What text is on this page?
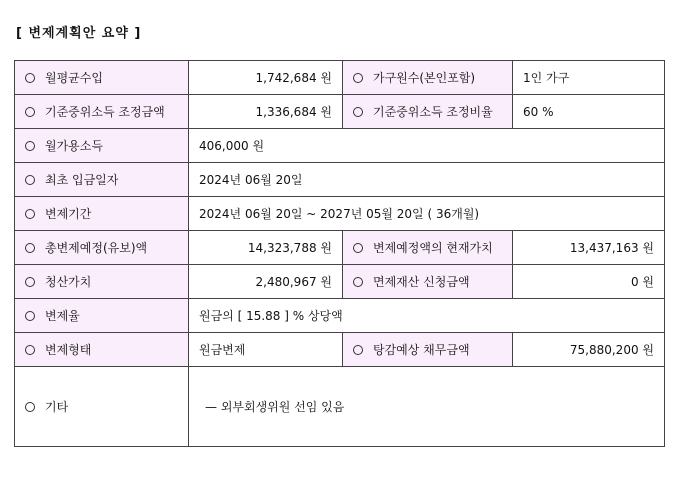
[ 변제계획안 요약 ]
월평균수입	1,742,684 원	가구원수(본인포함)	1인 가구
기준중위소득 조정금액	1,336,684 원	기준중위소득 조정비율	60 %
월가용소득	406,000 원		
최초 입금일자	2024년 06월 20일		
변제기간	2024년 06월 20일 ~ 2027년 05월 20일 ( 36개월)		
총변제예정(유보)액	14,323,788 원	변제예정액의 현재가치	13,437,163 원
청산가치	2,480,967 원	면제재산 신청금액	0 원
변제율	원금의 [ 15.88 ] % 상당액		
변제형태	원금변제	탕감예상 채무금액	75,880,200 원
기타	— 외부회생위원 선임 있음		
